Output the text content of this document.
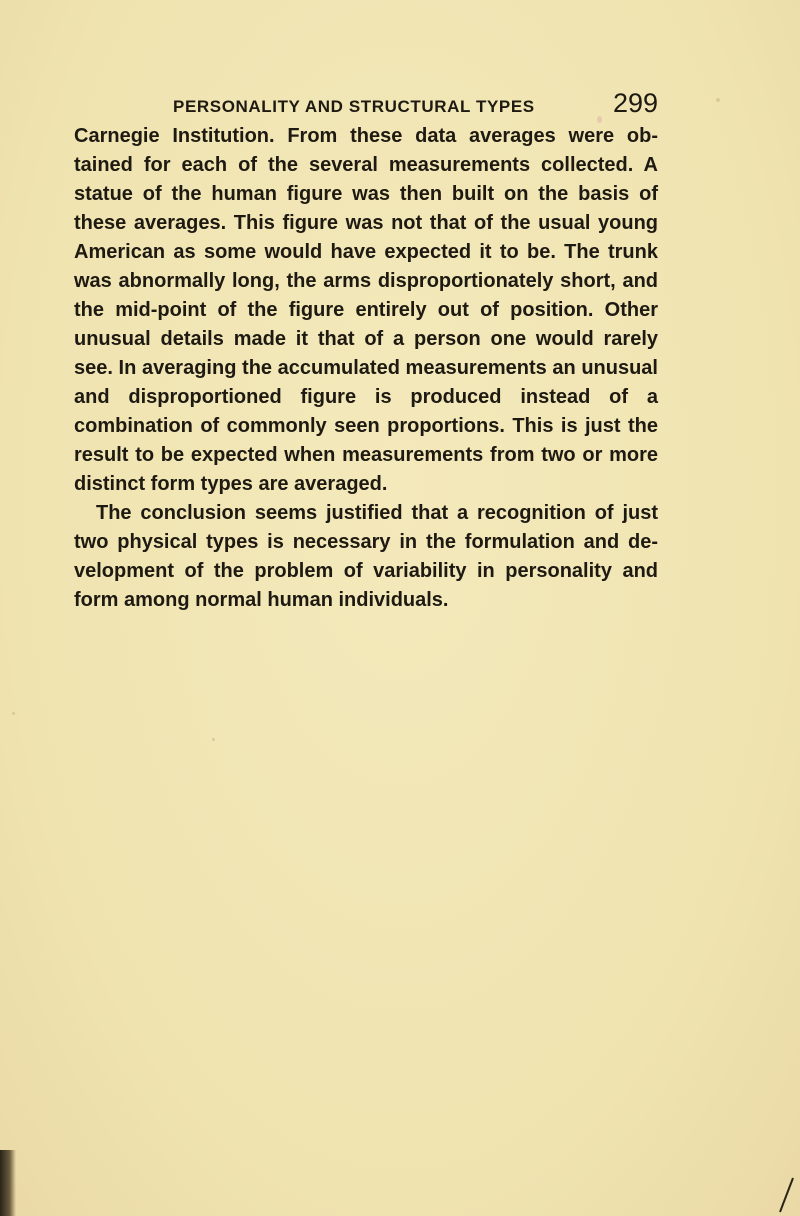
PERSONALITY AND STRUCTURAL TYPES	299

Carnegie Institution. From these data averages were obtained for each of the several measurements collected. A statue of the human figure was then built on the basis of these averages. This figure was not that of the usual young American as some would have expected it to be. The trunk was abnormally long, the arms disproportionately short, and the mid-point of the figure entirely out of position. Other unusual details made it that of a person one would rarely see. In averaging the accumulated measurements an unusual and disproportioned figure is produced instead of a combination of commonly seen proportions. This is just the result to be expected when measurements from two or more distinct form types are averaged.

The conclusion seems justified that a recognition of just two physical types is necessary in the formulation and development of the problem of variability in personality and form among normal human individuals.
